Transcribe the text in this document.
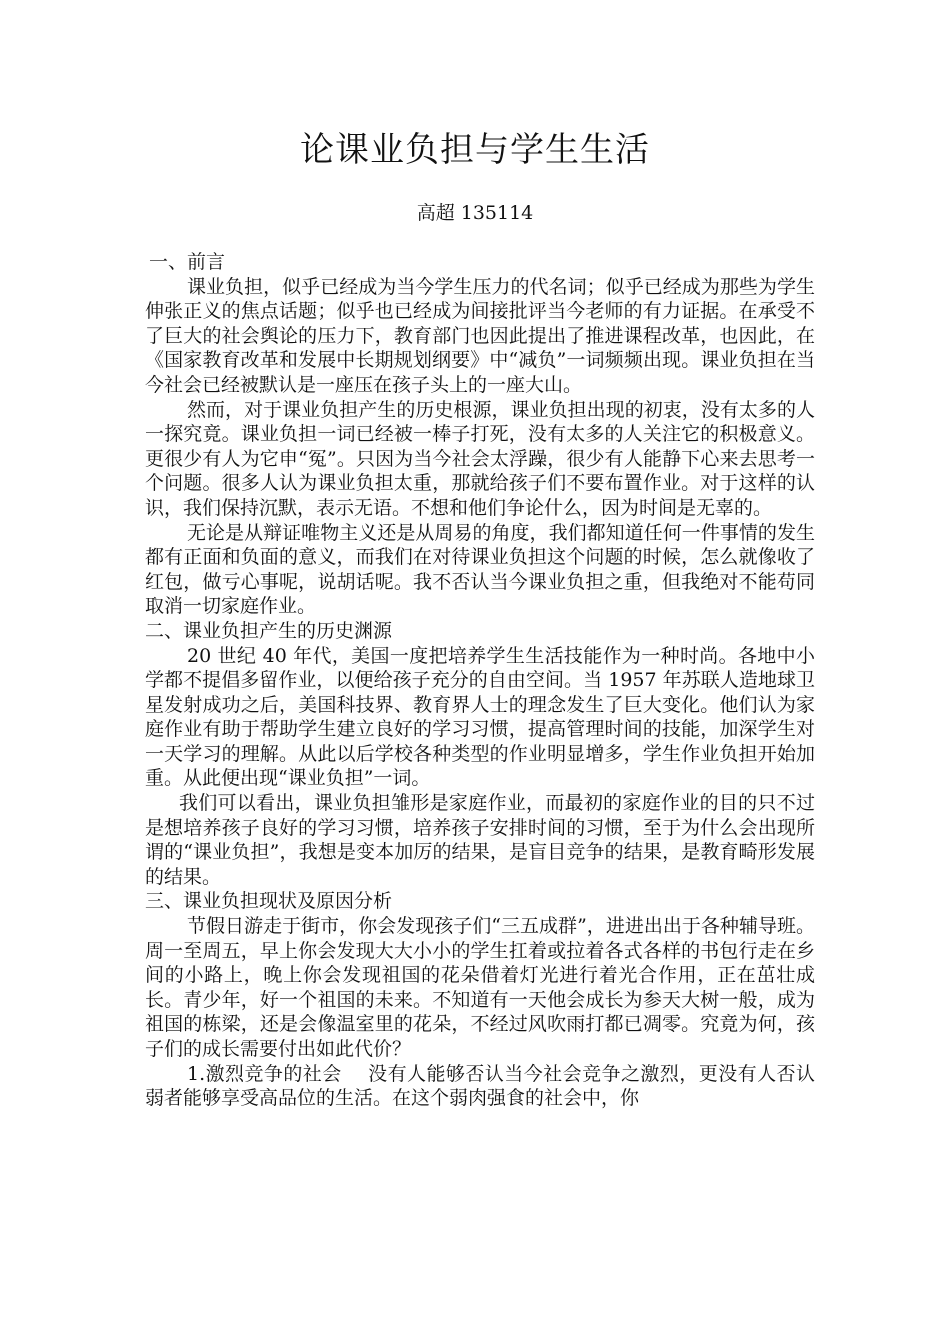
论课业负担与学生生活
高超 135114

一、前言

课业负担，似乎已经成为当今学生压力的代名词；似乎已经成为那些为学生伸张正义的焦点话题；似乎也已经成为间接批评当今老师的有力证据。在承受不了巨大的社会舆论的压力下，教育部门也因此提出了推进课程改革，也因此，在《国家教育改革和发展中长期规划纲要》中“减负”一词频频出现。课业负担在当今社会已经被默认是一座压在孩子头上的一座大山。

然而，对于课业负担产生的历史根源，课业负担出现的初衷，没有太多的人一探究竟。课业负担一词已经被一棒子打死，没有太多的人关注它的积极意义。更很少有人为它申“冤”。只因为当今社会太浮躁，很少有人能静下心来去思考一个问题。很多人认为课业负担太重，那就给孩子们不要布置作业。对于这样的认识，我们保持沉默，表示无语。不想和他们争论什么，因为时间是无辜的。

无论是从辩证唯物主义还是从周易的角度，我们都知道任何一件事情的发生都有正面和负面的意义，而我们在对待课业负担这个问题的时候，怎么就像收了红包，做亏心事呢，说胡话呢。我不否认当今课业负担之重，但我绝对不能苟同取消一切家庭作业。

二、课业负担产生的历史渊源

20 世纪 40 年代，美国一度把培养学生生活技能作为一种时尚。各地中小学都不提倡多留作业，以便给孩子充分的自由空间。当 1957 年苏联人造地球卫星发射成功之后，美国科技界、教育界人士的理念发生了巨大变化。他们认为家庭作业有助于帮助学生建立良好的学习习惯，提高管理时间的技能，加深学生对一天学习的理解。从此以后学校各种类型的作业明显增多，学生作业负担开始加重。从此便出现“课业负担”一词。

我们可以看出，课业负担雏形是家庭作业，而最初的家庭作业的目的只不过是想培养孩子良好的学习习惯，培养孩子安排时间的习惯，至于为什么会出现所谓的“课业负担”，我想是变本加厉的结果，是盲目竞争的结果，是教育畸形发展的结果。

三、课业负担现状及原因分析

节假日游走于街市，你会发现孩子们“三五成群”，进进出出于各种辅导班。周一至周五，早上你会发现大大小小的学生扛着或拉着各式各样的书包行走在乡间的小路上，晚上你会发现祖国的花朵借着灯光进行着光合作用，正在茁壮成长。青少年，好一个祖国的未来。不知道有一天他会成长为参天大树一般，成为祖国的栋梁，还是会像温室里的花朵，不经过风吹雨打都已凋零。究竟为何，孩子们的成长需要付出如此代价？

1.激烈竞争的社会 没有人能够否认当今社会竞争之激烈，更没有人否认弱者能够享受高品位的生活。在这个弱肉强食的社会中，你
